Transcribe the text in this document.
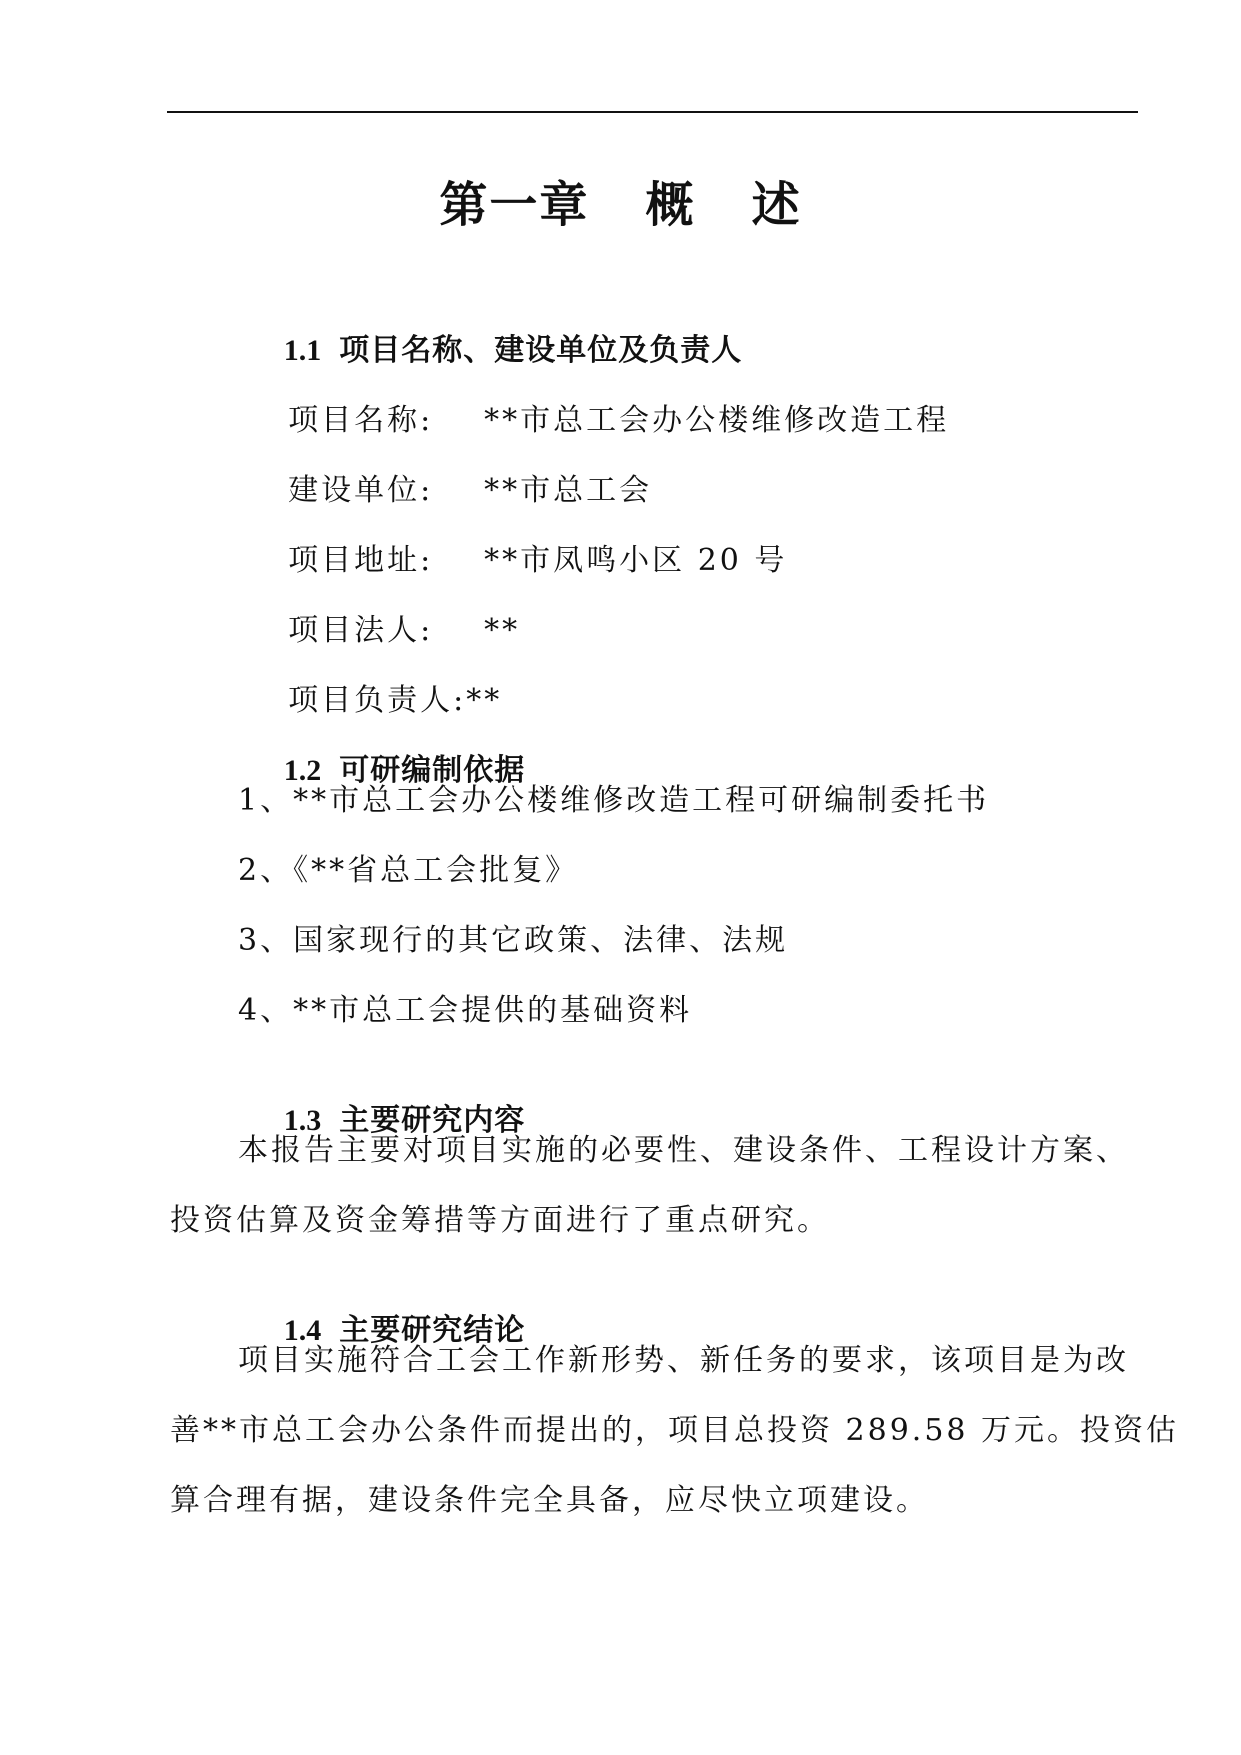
第一章   概   述

1.1 项目名称、建设单位及负责人

项目名称: **市总工会办公楼维修改造工程

建设单位: **市总工会

项目地址: **市凤鸣小区 20 号

项目法人: **

项目负责人:**

1.2 可研编制依据

1、**市总工会办公楼维修改造工程可研编制委托书
2、《**省总工会批复》
3、国家现行的其它政策、法律、法规
4、**市总工会提供的基础资料

1.3 主要研究内容

本报告主要对项目实施的必要性、建设条件、工程设计方案、
投资估算及资金筹措等方面进行了重点研究。

1.4 主要研究结论

项目实施符合工会工作新形势、新任务的要求，该项目是为改
善**市总工会办公条件而提出的，项目总投资 289.58 万元。投资估
算合理有据，建设条件完全具备，应尽快立项建设。
